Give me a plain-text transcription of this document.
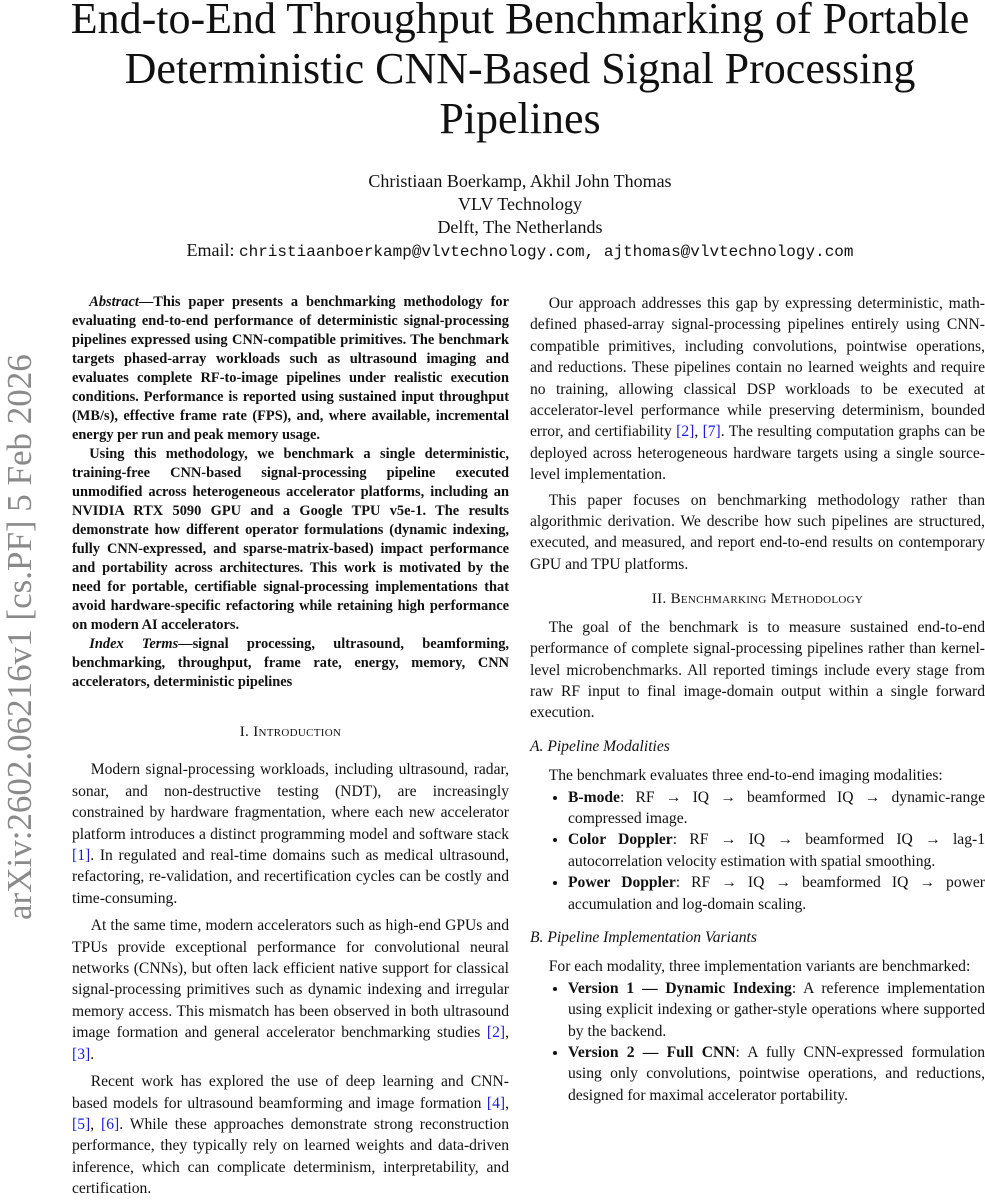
End-to-End Throughput Benchmarking of Portable Deterministic CNN-Based Signal Processing Pipelines
Christiaan Boerkamp, Akhil John Thomas
VLV Technology
Delft, The Netherlands
Email: christiaanboerkamp@vlvtechnology.com, ajthomas@vlvtechnology.com
arXiv:2602.06216v1 [cs.PF] 5 Feb 2026

Abstract—This paper presents a benchmarking methodology for evaluating end-to-end performance of deterministic signal-processing pipelines expressed using CNN-compatible primitives. The benchmark targets phased-array workloads such as ultrasound imaging and evaluates complete RF-to-image pipelines under realistic execution conditions. Performance is reported using sustained input throughput (MB/s), effective frame rate (FPS), and, where available, incremental energy per run and peak memory usage.

Using this methodology, we benchmark a single deterministic, training-free CNN-based signal-processing pipeline executed unmodified across heterogeneous accelerator platforms, including an NVIDIA RTX 5090 GPU and a Google TPU v5e-1. The results demonstrate how different operator formulations (dynamic indexing, fully CNN-expressed, and sparse-matrix-based) impact performance and portability across architectures. This work is motivated by the need for portable, certifiable signal-processing implementations that avoid hardware-specific refactoring while retaining high performance on modern AI accelerators.

Index Terms—signal processing, ultrasound, beamforming, benchmarking, throughput, frame rate, energy, memory, CNN accelerators, deterministic pipelines

I. Introduction

Modern signal-processing workloads, including ultrasound, radar, sonar, and non-destructive testing (NDT), are increasingly constrained by hardware fragmentation, where each new accelerator platform introduces a distinct programming model and software stack [1]. In regulated and real-time domains such as medical ultrasound, refactoring, re-validation, and recertification cycles can be costly and time-consuming.

At the same time, modern accelerators such as high-end GPUs and TPUs provide exceptional performance for convolutional neural networks (CNNs), but often lack efficient native support for classical signal-processing primitives such as dynamic indexing and irregular memory access. This mismatch has been observed in both ultrasound image formation and general accelerator benchmarking studies [2], [3].

Recent work has explored the use of deep learning and CNN-based models for ultrasound beamforming and image formation [4], [5], [6]. While these approaches demonstrate strong reconstruction performance, they typically rely on learned weights and data-driven inference, which can complicate determinism, interpretability, and certification.

Our approach addresses this gap by expressing deterministic, math-defined phased-array signal-processing pipelines entirely using CNN-compatible primitives, including convolutions, pointwise operations, and reductions. These pipelines contain no learned weights and require no training, allowing classical DSP workloads to be executed at accelerator-level performance while preserving determinism, bounded error, and certifiability [2], [7]. The resulting computation graphs can be deployed across heterogeneous hardware targets using a single source-level implementation.

This paper focuses on benchmarking methodology rather than algorithmic derivation. We describe how such pipelines are structured, executed, and measured, and report end-to-end results on contemporary GPU and TPU platforms.

II. Benchmarking Methodology

The goal of the benchmark is to measure sustained end-to-end performance of complete signal-processing pipelines rather than kernel-level microbenchmarks. All reported timings include every stage from raw RF input to final image-domain output within a single forward execution.

A. Pipeline Modalities

The benchmark evaluates three end-to-end imaging modalities:

• B-mode: RF → IQ → beamformed IQ → dynamic-range compressed image.
• Color Doppler: RF → IQ → beamformed IQ → lag-1 autocorrelation velocity estimation with spatial smoothing.
• Power Doppler: RF → IQ → beamformed IQ → power accumulation and log-domain scaling.

B. Pipeline Implementation Variants

For each modality, three implementation variants are benchmarked:

• Version 1 — Dynamic Indexing: A reference implementation using explicit indexing or gather-style operations where supported by the backend.
• Version 2 — Full CNN: A fully CNN-expressed formulation using only convolutions, pointwise operations, and reductions, designed for maximal accelerator portability.
